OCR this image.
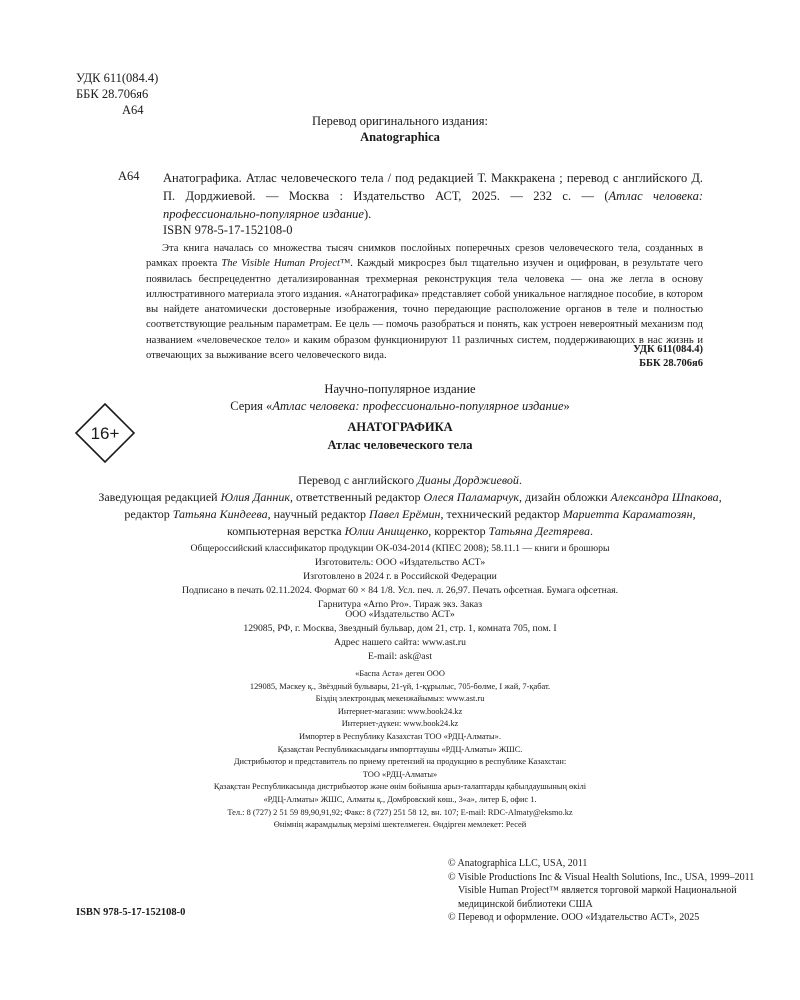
УДК 611(084.4)
ББК 28.706я6
А64
Перевод оригинального издания:
Anatographica
А64 Анатографика. Атлас человеческого тела / под редакцией Т. Маккракена ; перевод с английского Д. П. Дорджиевой. — Москва : Издательство АСТ, 2025. — 232 с. — (Атлас человека: профессионально-популярное издание).
ISBN 978-5-17-152108-0
Эта книга началась со множества тысяч снимков послойных поперечных срезов человеческого тела, созданных в рамках проекта The Visible Human Project™. Каждый микросрез был тщательно изучен и оцифрован, в результате чего появилась беспрецедентно детализированная трехмерная реконструкция тела человека — она же легла в основу иллюстративного материала этого издания. «Анатографика» представляет собой уникальное наглядное пособие, в котором вы найдете анатомически достоверные изображения, точно передающие расположение органов в теле и полностью соответствующие реальным параметрам. Ее цель — помочь разобраться и понять, как устроен невероятный механизм под названием «человеческое тело» и каким образом функционируют 11 различных систем, поддерживающих в нас жизнь и отвечающих за выживание всего человеческого вида.
УДК 611(084.4)
ББК 28.706я6
Научно-популярное издание
Серия «Атлас человека: профессионально-популярное издание»
16+	АНАТОГРАФИКА
Атлас человеческого тела
Перевод с английского Дианы Дорджиевой.
Заведующая редакцией Юлия Данник, ответственный редактор Олеся Паламарчук, дизайн обложки Александра Шпакова,
редактор Татьяна Киндеева, научный редактор Павел Ерёмин, технический редактор Мариетта Караматозян,
компьютерная верстка Юлии Анищенко, корректор Татьяна Дегтярева.
Общероссийский классификатор продукции ОК-034-2014 (КПЕС 2008); 58.11.1 — книги и брошюры
Изготовитель: ООО «Издательство АСТ»
Изготовлено в 2024 г. в Российской Федерации
Подписано в печать 02.11.2024. Формат 60 × 84 1/8. Усл. печ. л. 26,97. Печать офсетная. Бумага офсетная.
Гарнитура «Arno Pro». Тираж экз. Заказ
ООО «Издательство АСТ»
129085, РФ, г. Москва, Звездный бульвар, дом 21, стр. 1, комната 705, пом. I
Адрес нашего сайта: www.ast.ru
E-mail: ask@ast
«Баспа Аста» деген ООО
129085, Мәскеу қ., Звёздный бульвары, 21-үй, 1-құрылыс, 705-бөлме, I жай, 7-қабат.
Біздің электрондық мекенжайымыз: www.ast.ru
Интернет-магазин: www.book24.kz
Интернет-дүкен: www.book24.kz
Импортер в Республику Казахстан ТОО «РДЦ-Алматы».
Қазақстан Республикасындағы импорттаушы «РДЦ-Алматы» ЖШС.
Дистрибьютор и представитель по приему претензий на продукцию в республике Казахстан:
ТОО «РДЦ-Алматы»
Қазақстан Республикасында дистрибьютор және өнім бойынша арыз-талаптарды қабылдаушының өкілі
«РДЦ-Алматы» ЖШС, Алматы қ., Домбровский көш., 3«а», литер Б, офис 1.
Тел.: 8 (727) 2 51 59 89,90,91,92; Факс: 8 (727) 251 58 12, вн. 107; E-mail: RDC-Almaty@eksmo.kz
Өнімнің жарамдылық мерзімі шектелмеген. Өндірген мемлекет: Ресей
© Anatographica LLC, USA, 2011
© Visible Productions Inc & Visual Health Solutions, Inc., USA, 1999–2011
Visible Human Project™ является торговой маркой Национальной
медицинской библиотеки США
© Перевод и оформление. ООО «Издательство АСТ», 2025
ISBN 978-5-17-152108-0
